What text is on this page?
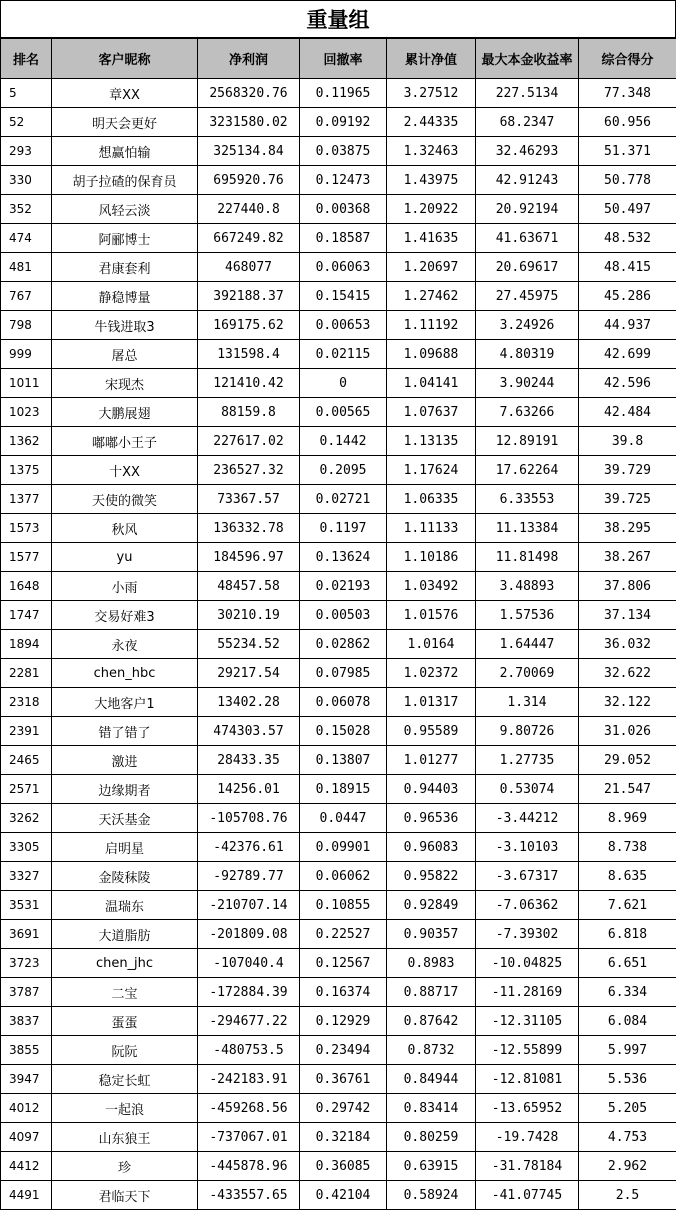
重量组
排名	客户昵称	净利润	回撤率	累计净值	最大本金收益率	综合得分
5	章XX	2568320.76	0.11965	3.27512	227.5134	77.348
52	明天会更好	3231580.02	0.09192	2.44335	68.2347	60.956
293	想赢怕输	325134.84	0.03875	1.32463	32.46293	51.371
330	胡子拉碴的保育员	695920.76	0.12473	1.43975	42.91243	50.778
352	风轻云淡	227440.8	0.00368	1.20922	20.92194	50.497
474	阿郦博士	667249.82	0.18587	1.41635	41.63671	48.532
481	君康套利	468077	0.06063	1.20697	20.69617	48.415
767	静稳博量	392188.37	0.15415	1.27462	27.45975	45.286
798	牛钱进取3	169175.62	0.00653	1.11192	3.24926	44.937
999	屠总	131598.4	0.02115	1.09688	4.80319	42.699
1011	宋现杰	121410.42	0	1.04141	3.90244	42.596
1023	大鹏展翅	88159.8	0.00565	1.07637	7.63266	42.484
1362	嘟嘟小王子	227617.02	0.1442	1.13135	12.89191	39.8
1375	十XX	236527.32	0.2095	1.17624	17.62264	39.729
1377	天使的微笑	73367.57	0.02721	1.06335	6.33553	39.725
1573	秋风	136332.78	0.1197	1.11133	11.13384	38.295
1577	yu	184596.97	0.13624	1.10186	11.81498	38.267
1648	小雨	48457.58	0.02193	1.03492	3.48893	37.806
1747	交易好难3	30210.19	0.00503	1.01576	1.57536	37.134
1894	永夜	55234.52	0.02862	1.0164	1.64447	36.032
2281	chen_hbc	29217.54	0.07985	1.02372	2.70069	32.622
2318	大地客户1	13402.28	0.06078	1.01317	1.314	32.122
2391	错了错了	474303.57	0.15028	0.95589	9.80726	31.026
2465	激进	28433.35	0.13807	1.01277	1.27735	29.052
2571	边缘期者	14256.01	0.18915	0.94403	0.53074	21.547
3262	天沃基金	-105708.76	0.0447	0.96536	-3.44212	8.969
3305	启明星	-42376.61	0.09901	0.96083	-3.10103	8.738
3327	金陵秣陵	-92789.77	0.06062	0.95822	-3.67317	8.635
3531	温瑞东	-210707.14	0.10855	0.92849	-7.06362	7.621
3691	大道脂肪	-201809.08	0.22527	0.90357	-7.39302	6.818
3723	chen_jhc	-107040.4	0.12567	0.8983	-10.04825	6.651
3787	二宝	-172884.39	0.16374	0.88717	-11.28169	6.334
3837	蛋蛋	-294677.22	0.12929	0.87642	-12.31105	6.084
3855	阮阮	-480753.5	0.23494	0.8732	-12.55899	5.997
3947	稳定长虹	-242183.91	0.36761	0.84944	-12.81081	5.536
4012	一起浪	-459268.56	0.29742	0.83414	-13.65952	5.205
4097	山东狼王	-737067.01	0.32184	0.80259	-19.7428	4.753
4412	珍	-445878.96	0.36085	0.63915	-31.78184	2.962
4491	君临天下	-433557.65	0.42104	0.58924	-41.07745	2.5
